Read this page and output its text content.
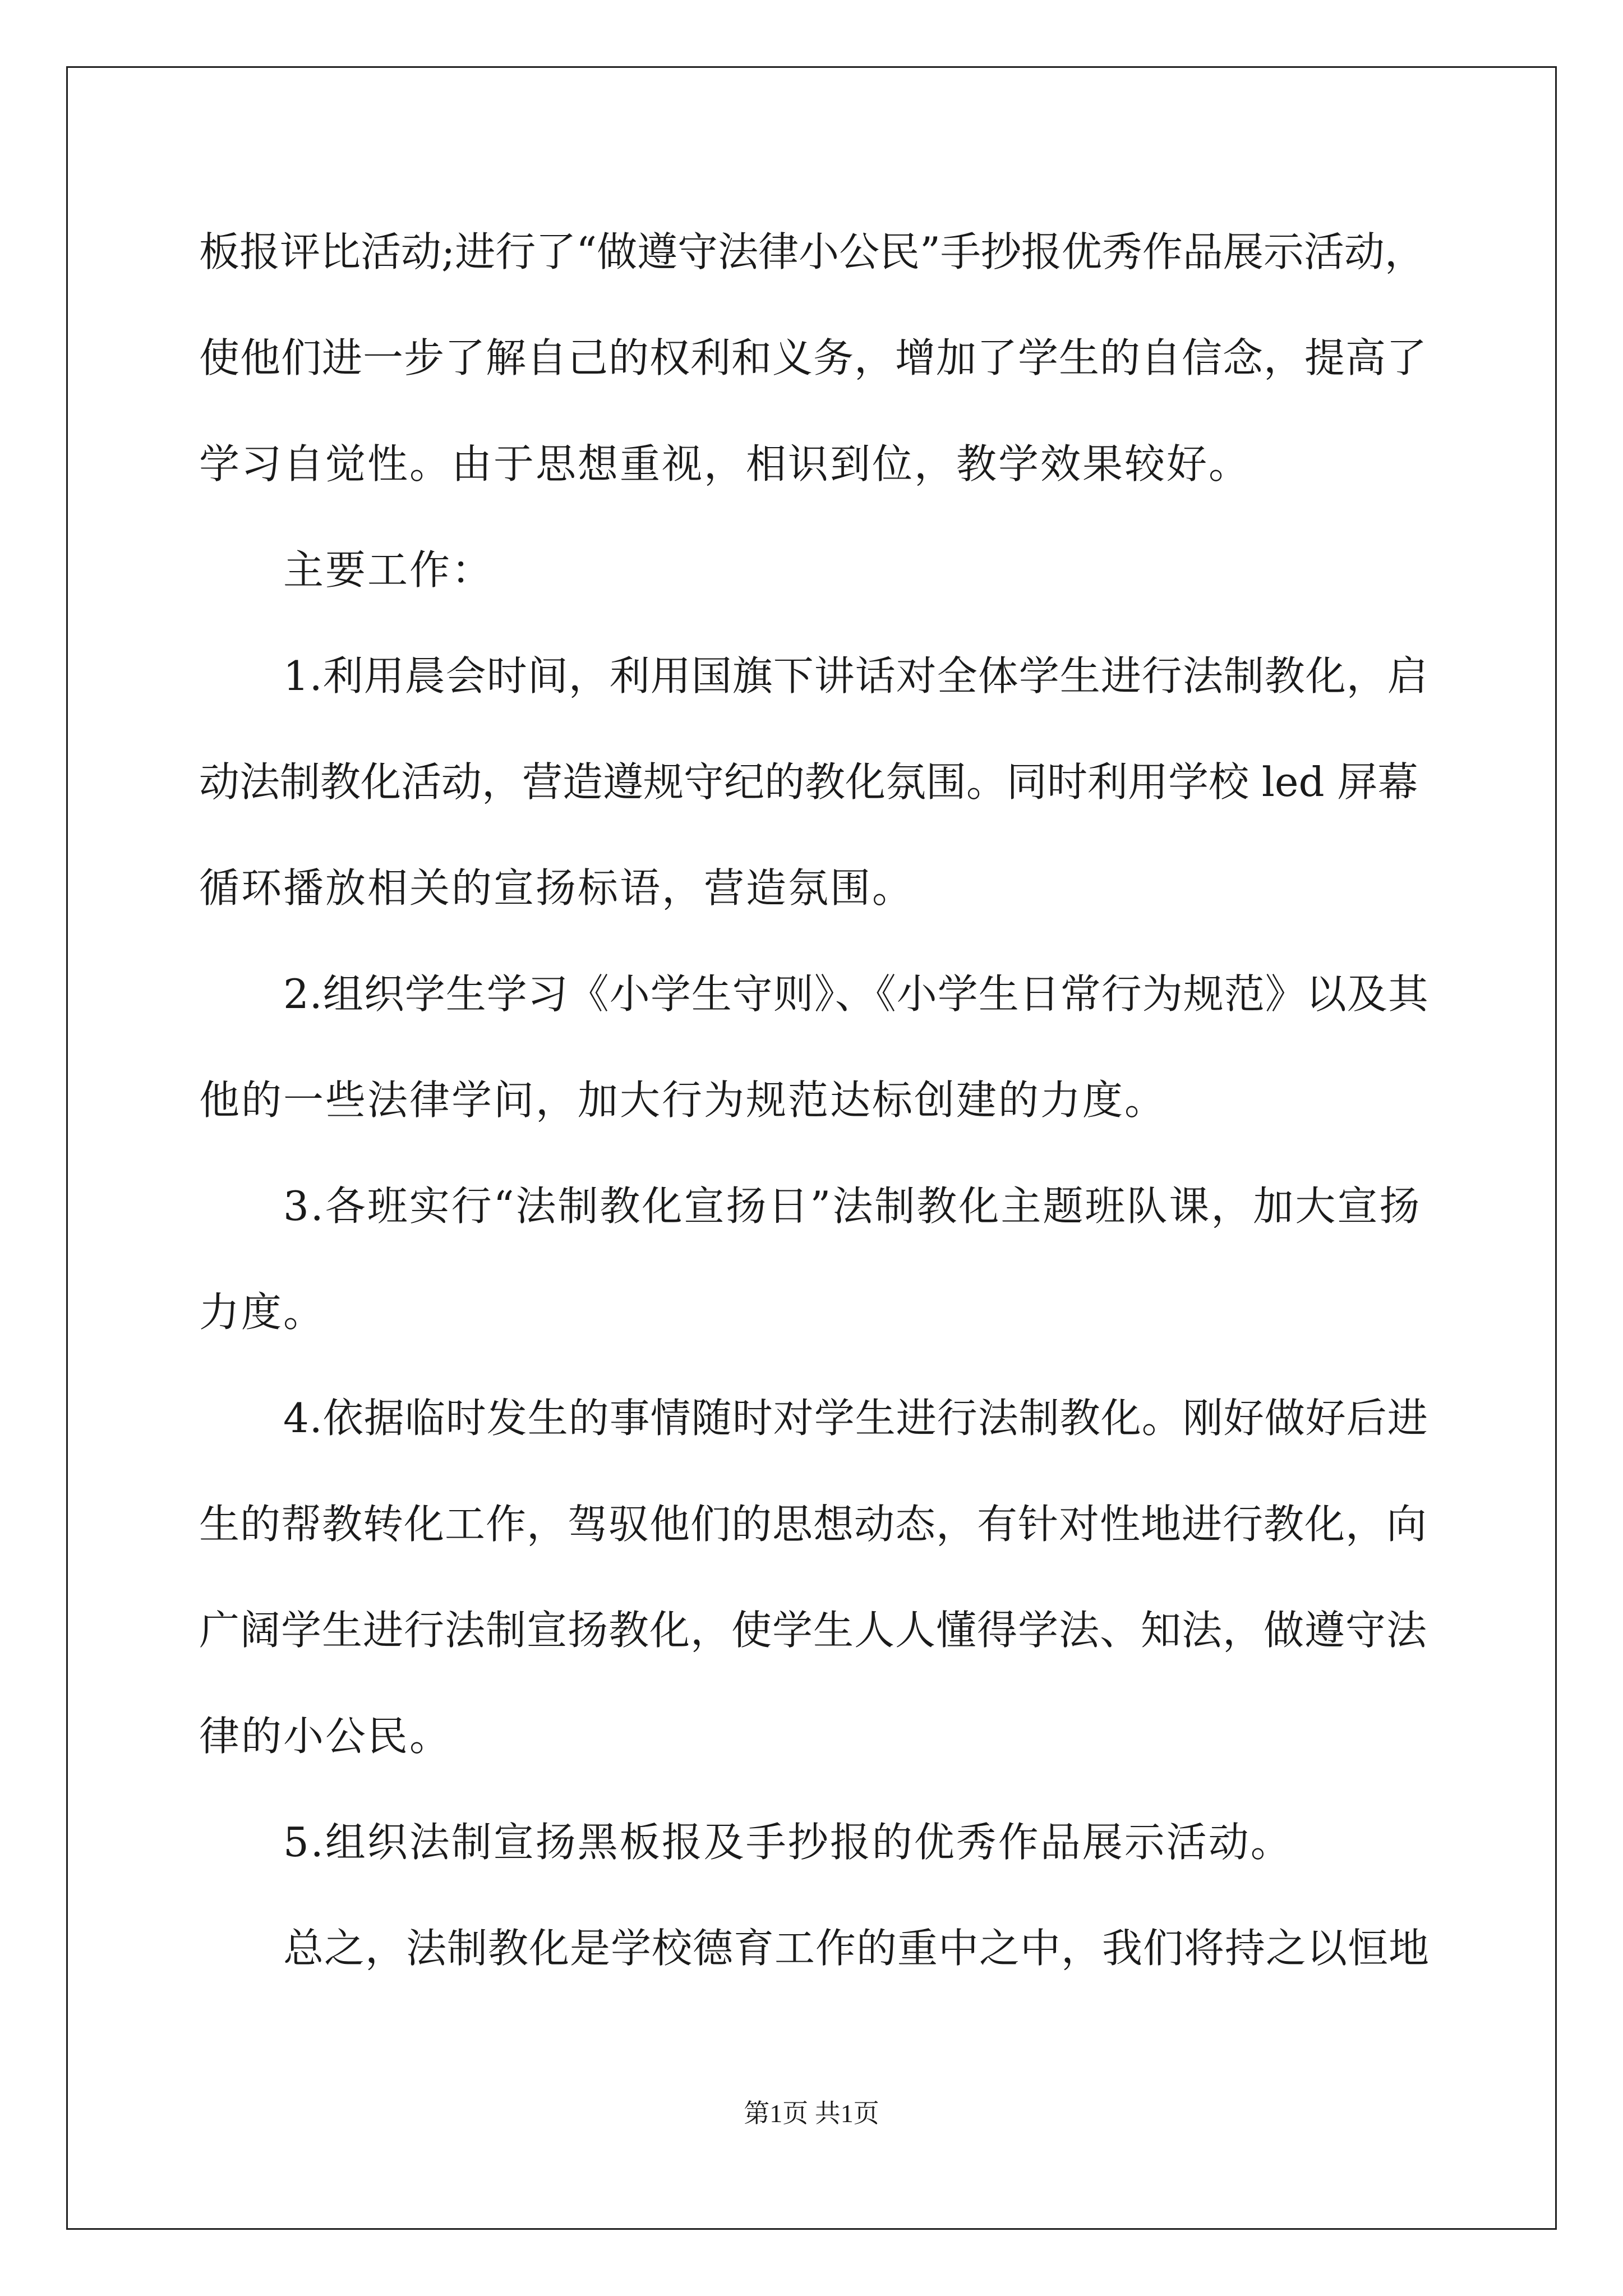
板报评比活动;进行了“做遵守法律小公民”手抄报优秀作品展示活动，

使他们进一步了解自己的权利和义务，增加了学生的自信念，提高了

学习自觉性。由于思想重视，相识到位，教学效果较好。

主要工作：

1.利用晨会时间，利用国旗下讲话对全体学生进行法制教化，启

动法制教化活动，营造遵规守纪的教化氛围。同时利用学校 led 屏幕

循环播放相关的宣扬标语，营造氛围。

2.组织学生学习《小学生守则》、《小学生日常行为规范》以及其

他的一些法律学问，加大行为规范达标创建的力度。

3.各班实行“法制教化宣扬日”法制教化主题班队课，加大宣扬

力度。

4.依据临时发生的事情随时对学生进行法制教化。刚好做好后进

生的帮教转化工作，驾驭他们的思想动态，有针对性地进行教化，向

广阔学生进行法制宣扬教化，使学生人人懂得学法、知法，做遵守法

律的小公民。

5.组织法制宣扬黑板报及手抄报的优秀作品展示活动。

总之，法制教化是学校德育工作的重中之中，我们将持之以恒地

第1页 共1页
